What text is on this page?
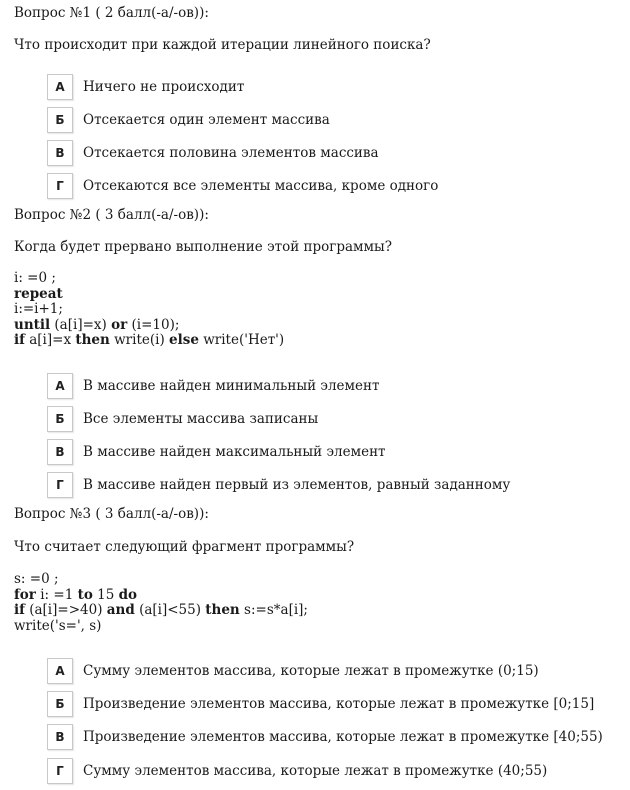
Вопрос №1 ( 2 балл(-а/-ов)):
Что происходит при каждой итерации линейного поиска?
А	Ничего не происходит
Б	Отсекается один элемент массива
В	Отсекается половина элементов массива
Г	Отсекаются все элементы массива, кроме одного
Вопрос №2 ( 3 балл(-а/-ов)):
Когда будет прервано выполнение этой программы?
i: =0 ;
repeat
i:=i+1;
until (a[i]=x) or (i=10);
if a[i]=x then write(i) else write('Нет')
А	В массиве найден минимальный элемент
Б	Все элементы массива записаны
В	В массиве найден максимальный элемент
Г	В массиве найден первый из элементов, равный заданному
Вопрос №3 ( 3 балл(-а/-ов)):
Что считает следующий фрагмент программы?
s: =0 ;
for i: =1 to 15 do
if (a[i]=>40) and (a[i]<55) then s:=s*a[i];
write('s=', s)
А	Сумму элементов массива, которые лежат в промежутке (0;15)
Б	Произведение элементов массива, которые лежат в промежутке [0;15]
В	Произведение элементов массива, которые лежат в промежутке [40;55)
Г	Сумму элементов массива, которые лежат в промежутке (40;55)
